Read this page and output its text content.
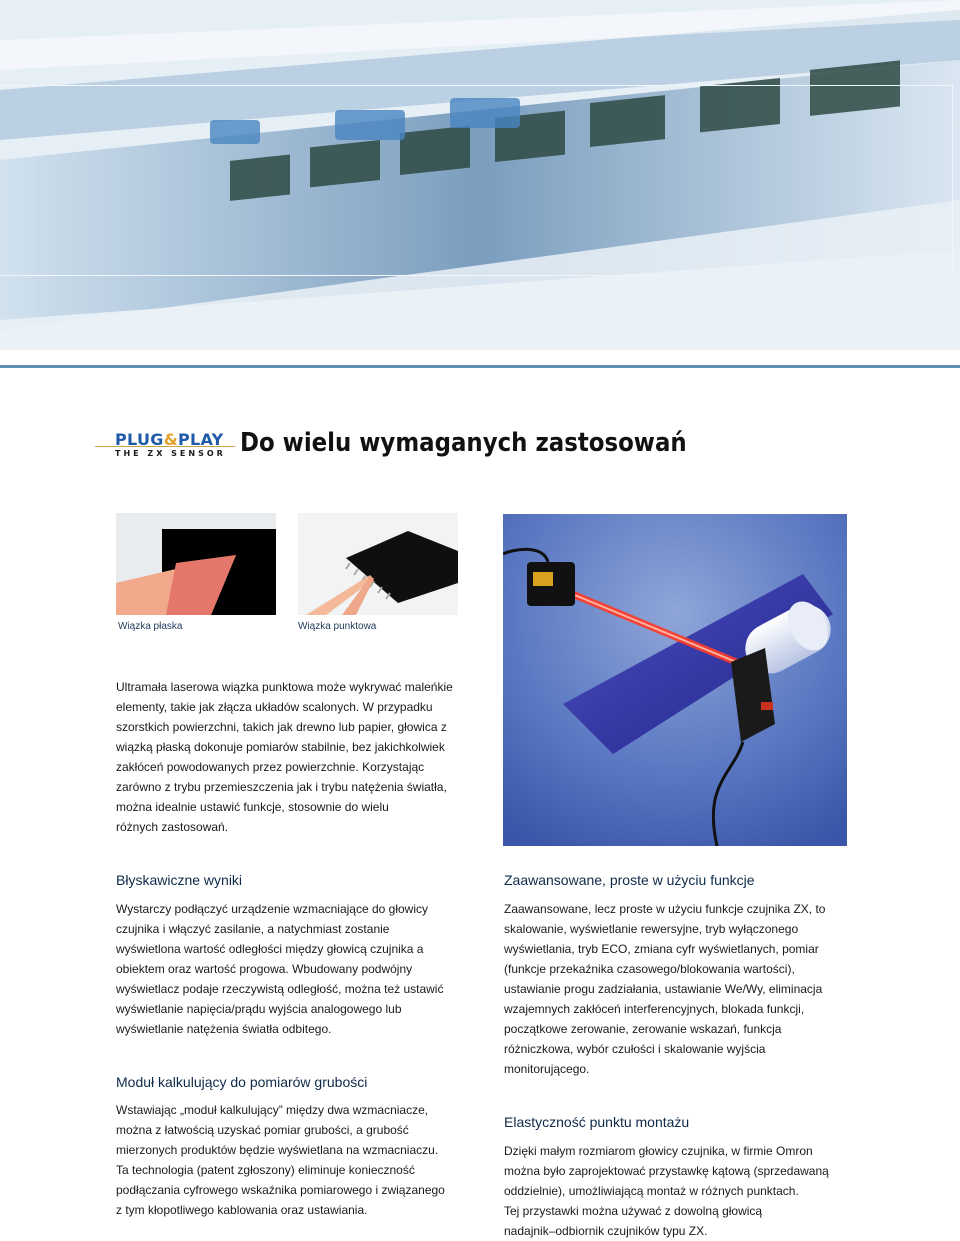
PLUG&PLAY
THE ZX SENSOR Do wielu wymaganych zastosowań
Wiązka płaska	Wiązka punktowa
Ultramała laserowa wiązka punktowa może wykrywać maleńkie
elementy, takie jak złącza układów scalonych. W przypadku
szorstkich powierzchni, takich jak drewno lub papier, głowica z
wiązką płaską dokonuje pomiarów stabilnie, bez jakichkolwiek
zakłóceń powodowanych przez powierzchnie. Korzystając
zarówno z trybu przemieszczenia jak i trybu natężenia światła,
można idealnie ustawić funkcje, stosownie do wielu
różnych zastosowań.
Błyskawiczne wyniki
Wystarczy podłączyć urządzenie wzmacniające do głowicy
czujnika i włączyć zasilanie, a natychmiast zostanie
wyświetlona wartość odległości między głowicą czujnika a
obiektem oraz wartość progowa. Wbudowany podwójny
wyświetlacz podaje rzeczywistą odległość, można też ustawić
wyświetlanie napięcia/prądu wyjścia analogowego lub
wyświetlanie natężenia światła odbitego.
Moduł kalkulujący do pomiarów grubości
Wstawiając „moduł kalkulujący” między dwa wzmacniacze,
można z łatwością uzyskać pomiar grubości, a grubość
mierzonych produktów będzie wyświetlana na wzmacniaczu.
Ta technologia (patent zgłoszony) eliminuje konieczność
podłączania cyfrowego wskaźnika pomiarowego i związanego
z tym kłopotliwego kablowania oraz ustawiania.
Zaawansowane, proste w użyciu funkcje
Zaawansowane, lecz proste w użyciu funkcje czujnika ZX, to
skalowanie, wyświetlanie rewersyjne, tryb wyłączonego
wyświetlania, tryb ECO, zmiana cyfr wyświetlanych, pomiar
(funkcje przekaźnika czasowego/blokowania wartości),
ustawianie progu zadziałania, ustawianie We/Wy, eliminacja
wzajemnych zakłóceń interferencyjnych, blokada funkcji,
początkowe zerowanie, zerowanie wskazań, funkcja
różniczkowa, wybór czułości i skalowanie wyjścia
monitorującego.
Elastyczność punktu montażu
Dzięki małym rozmiarom głowicy czujnika, w firmie Omron
można było zaprojektować przystawkę kątową (sprzedawaną
oddzielnie), umożliwiającą montaż w różnych punktach.
Tej przystawki można używać z dowolną głowicą
nadajnik–odbiornik czujników typu ZX.
